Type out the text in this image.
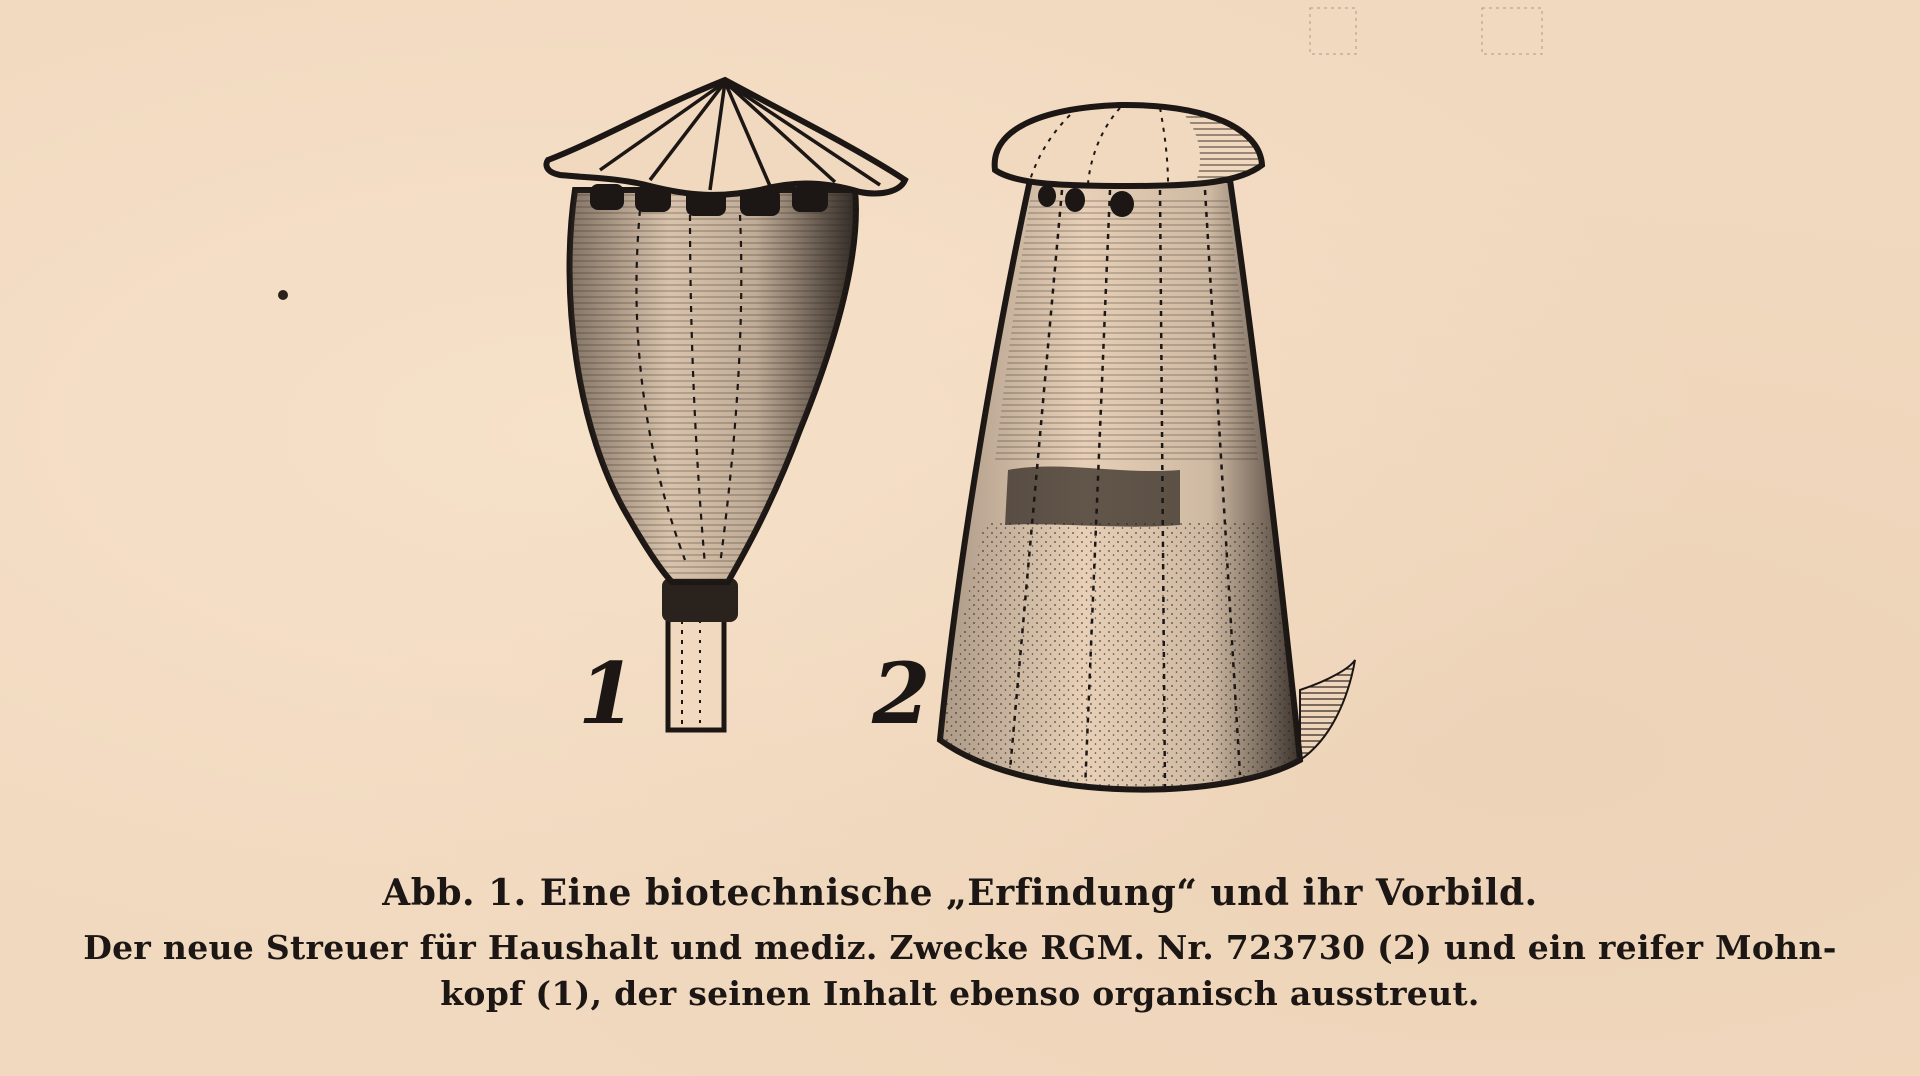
1	2
Abb. 1. Eine biotechnische „Erfindung“ und ihr Vorbild.
Der neue Streuer für Haushalt und mediz. Zwecke RGM. Nr. 723730 (2) und ein reifer Mohn-
kopf (1), der seinen Inhalt ebenso organisch ausstreut.
